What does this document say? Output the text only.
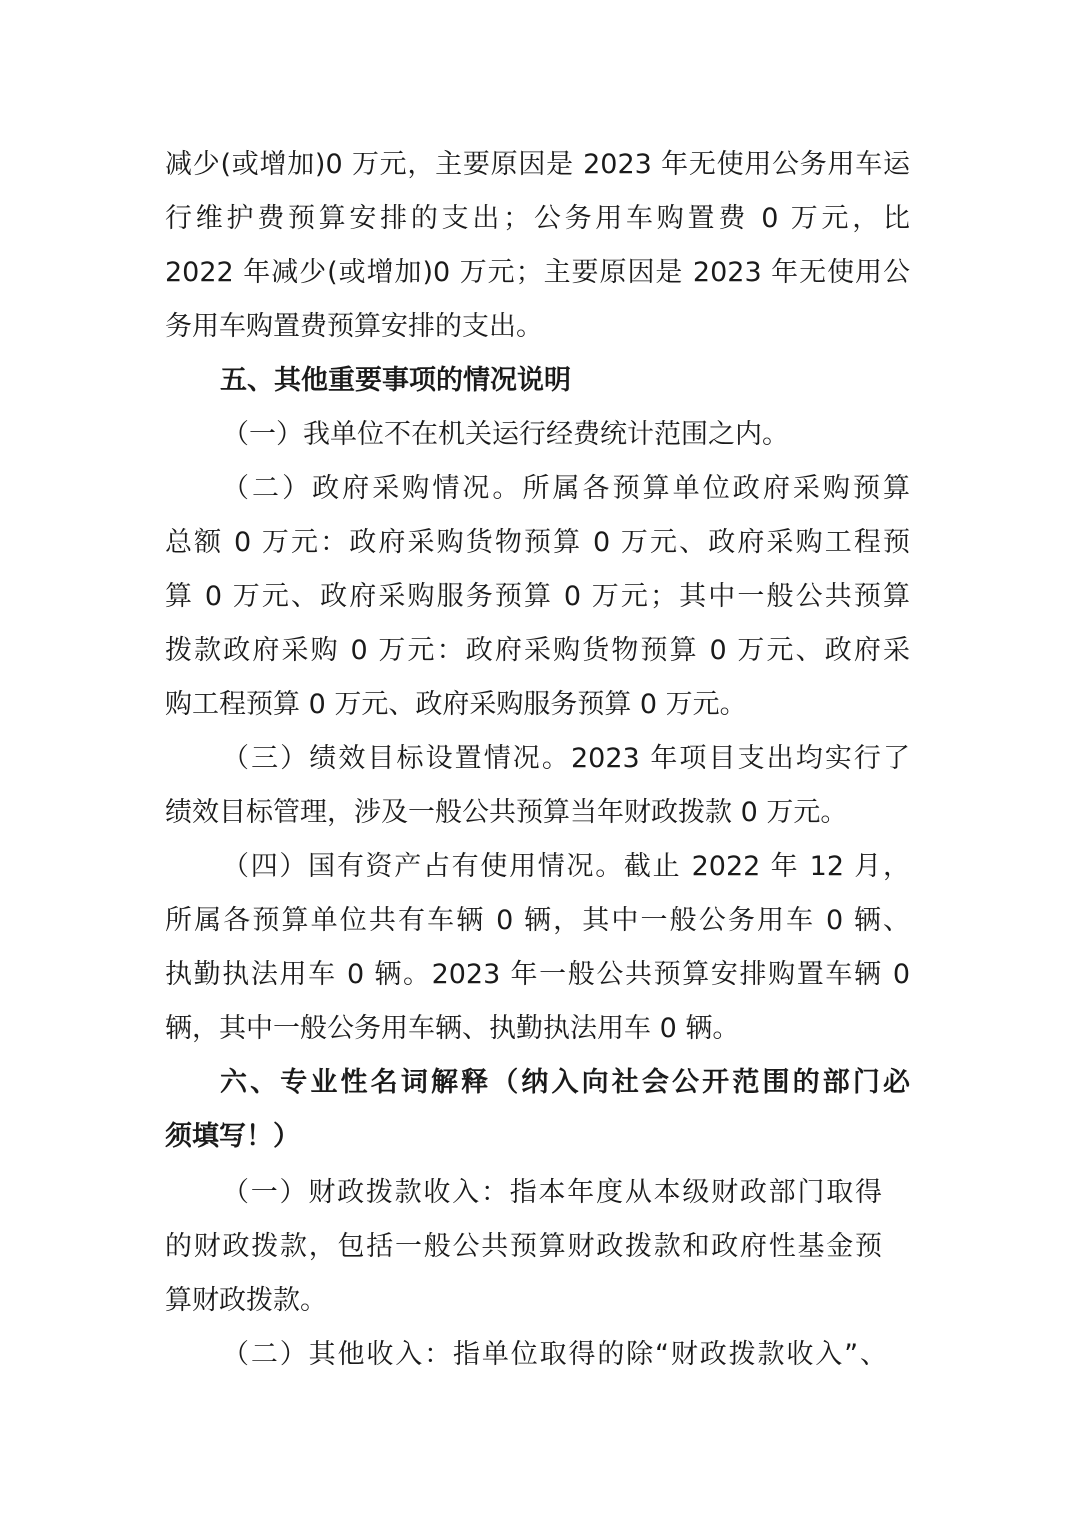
减少(或增加)0 万元，主要原因是 2023 年无使用公务用车运
行维护费预算安排的支出；公务用车购置费 0 万元，比
2022 年减少(或增加)0 万元；主要原因是 2023 年无使用公
务用车购置费预算安排的支出。
五、其他重要事项的情况说明
（一）我单位不在机关运行经费统计范围之内。
（二）政府采购情况。所属各预算单位政府采购预算
总额 0 万元：政府采购货物预算 0 万元、政府采购工程预
算 0 万元、政府采购服务预算 0 万元；其中一般公共预算
拨款政府采购 0 万元：政府采购货物预算 0 万元、政府采
购工程预算 0 万元、政府采购服务预算 0 万元。
（三）绩效目标设置情况。2023 年项目支出均实行了
绩效目标管理，涉及一般公共预算当年财政拨款 0 万元。
（四）国有资产占有使用情况。截止 2022 年 12 月，
所属各预算单位共有车辆 0 辆，其中一般公务用车 0 辆、
执勤执法用车 0 辆。2023 年一般公共预算安排购置车辆 0
辆，其中一般公务用车辆、执勤执法用车 0 辆。
六、专业性名词解释（纳入向社会公开范围的部门必
须填写！）
（一）财政拨款收入：指本年度从本级财政部门取得
的财政拨款，包括一般公共预算财政拨款和政府性基金预
算财政拨款。
（二）其他收入：指单位取得的除“财政拨款收入”、
